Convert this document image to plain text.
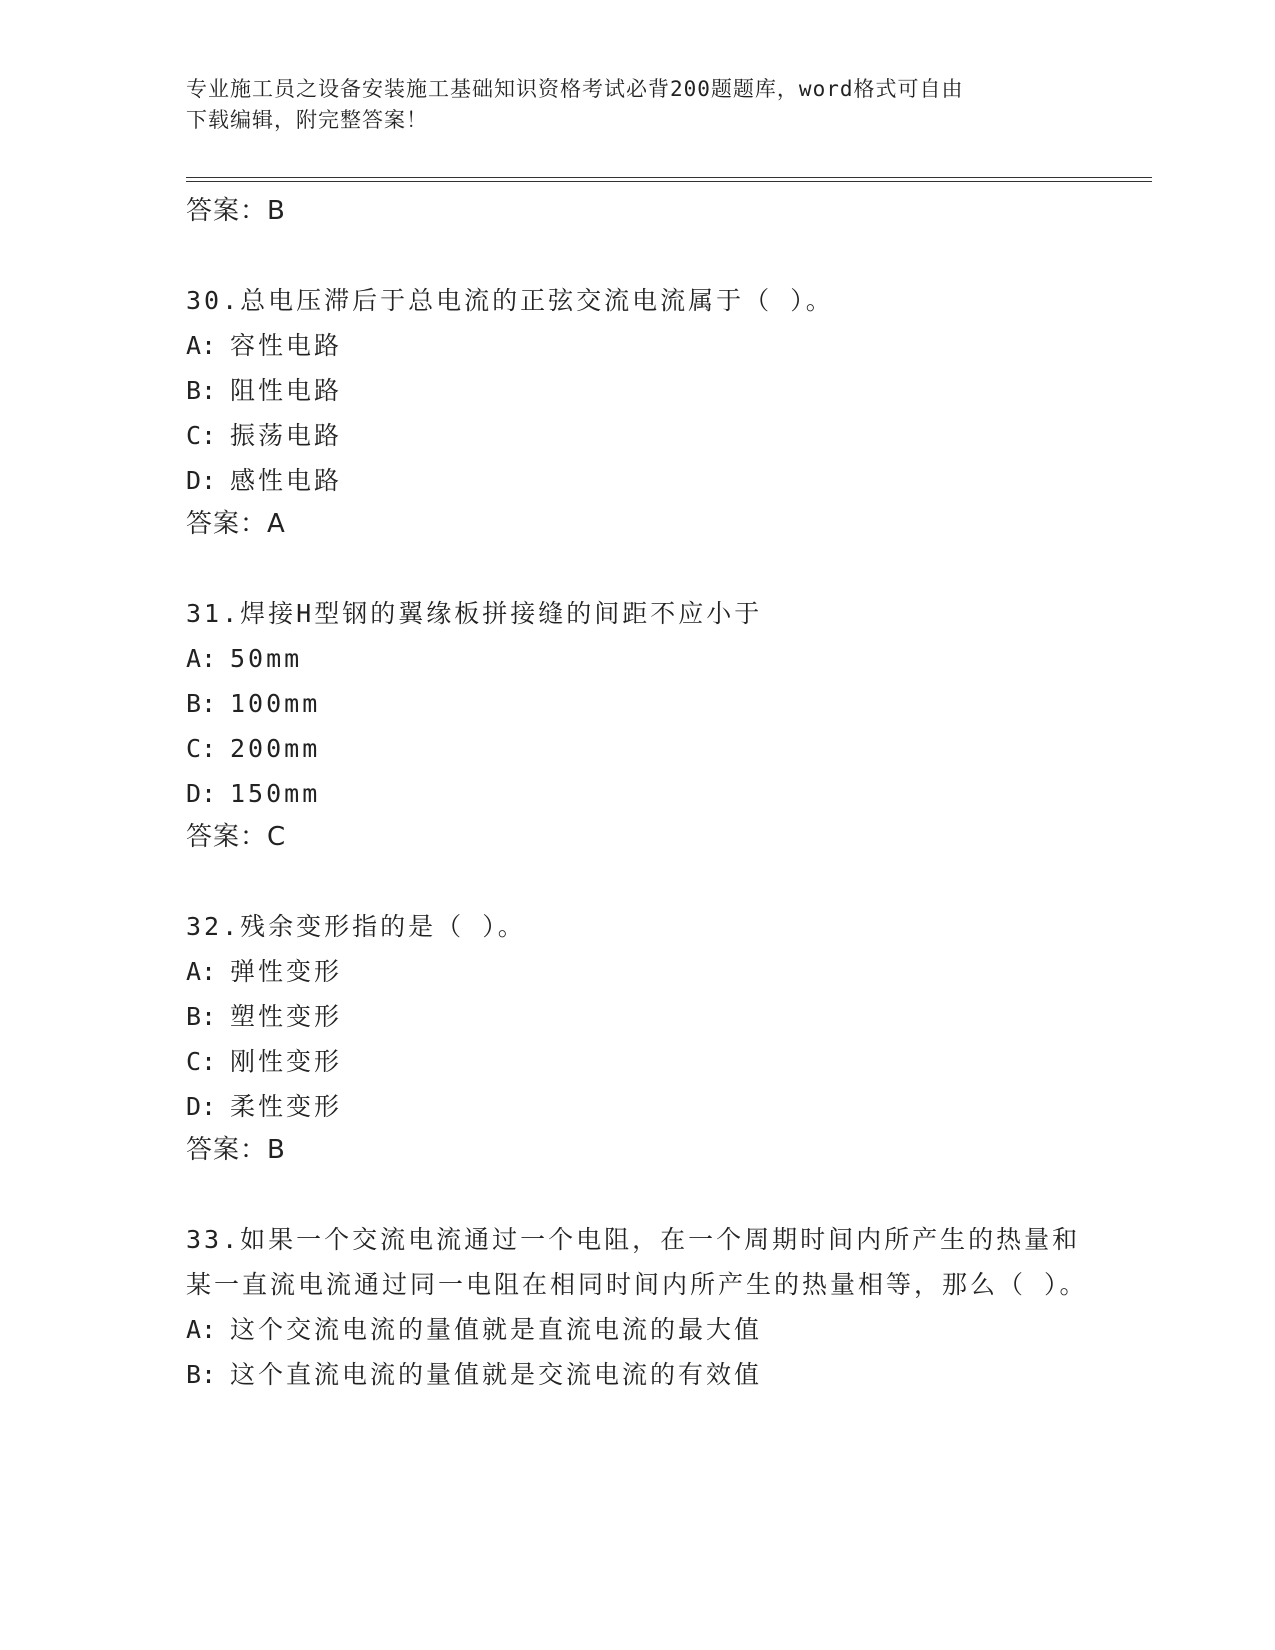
专业施工员之设备安装施工基础知识资格考试必背200题题库，word格式可自由
下载编辑，附完整答案！
答案：B
30.总电压滞后于总电流的正弦交流电流属于（ ）。
A: 容性电路
B: 阻性电路
C: 振荡电路
D: 感性电路
答案：A
31.焊接H型钢的翼缘板拼接缝的间距不应小于
A: 50mm
B: 100mm
C: 200mm
D: 150mm
答案：C
32.残余变形指的是（ ）。
A: 弹性变形
B: 塑性变形
C: 刚性变形
D: 柔性变形
答案：B
33.如果一个交流电流通过一个电阻，在一个周期时间内所产生的热量和某一直流电流通过同一电阻在相同时间内所产生的热量相等，那么（ ）。
A: 这个交流电流的量值就是直流电流的最大值
B: 这个直流电流的量值就是交流电流的有效值
